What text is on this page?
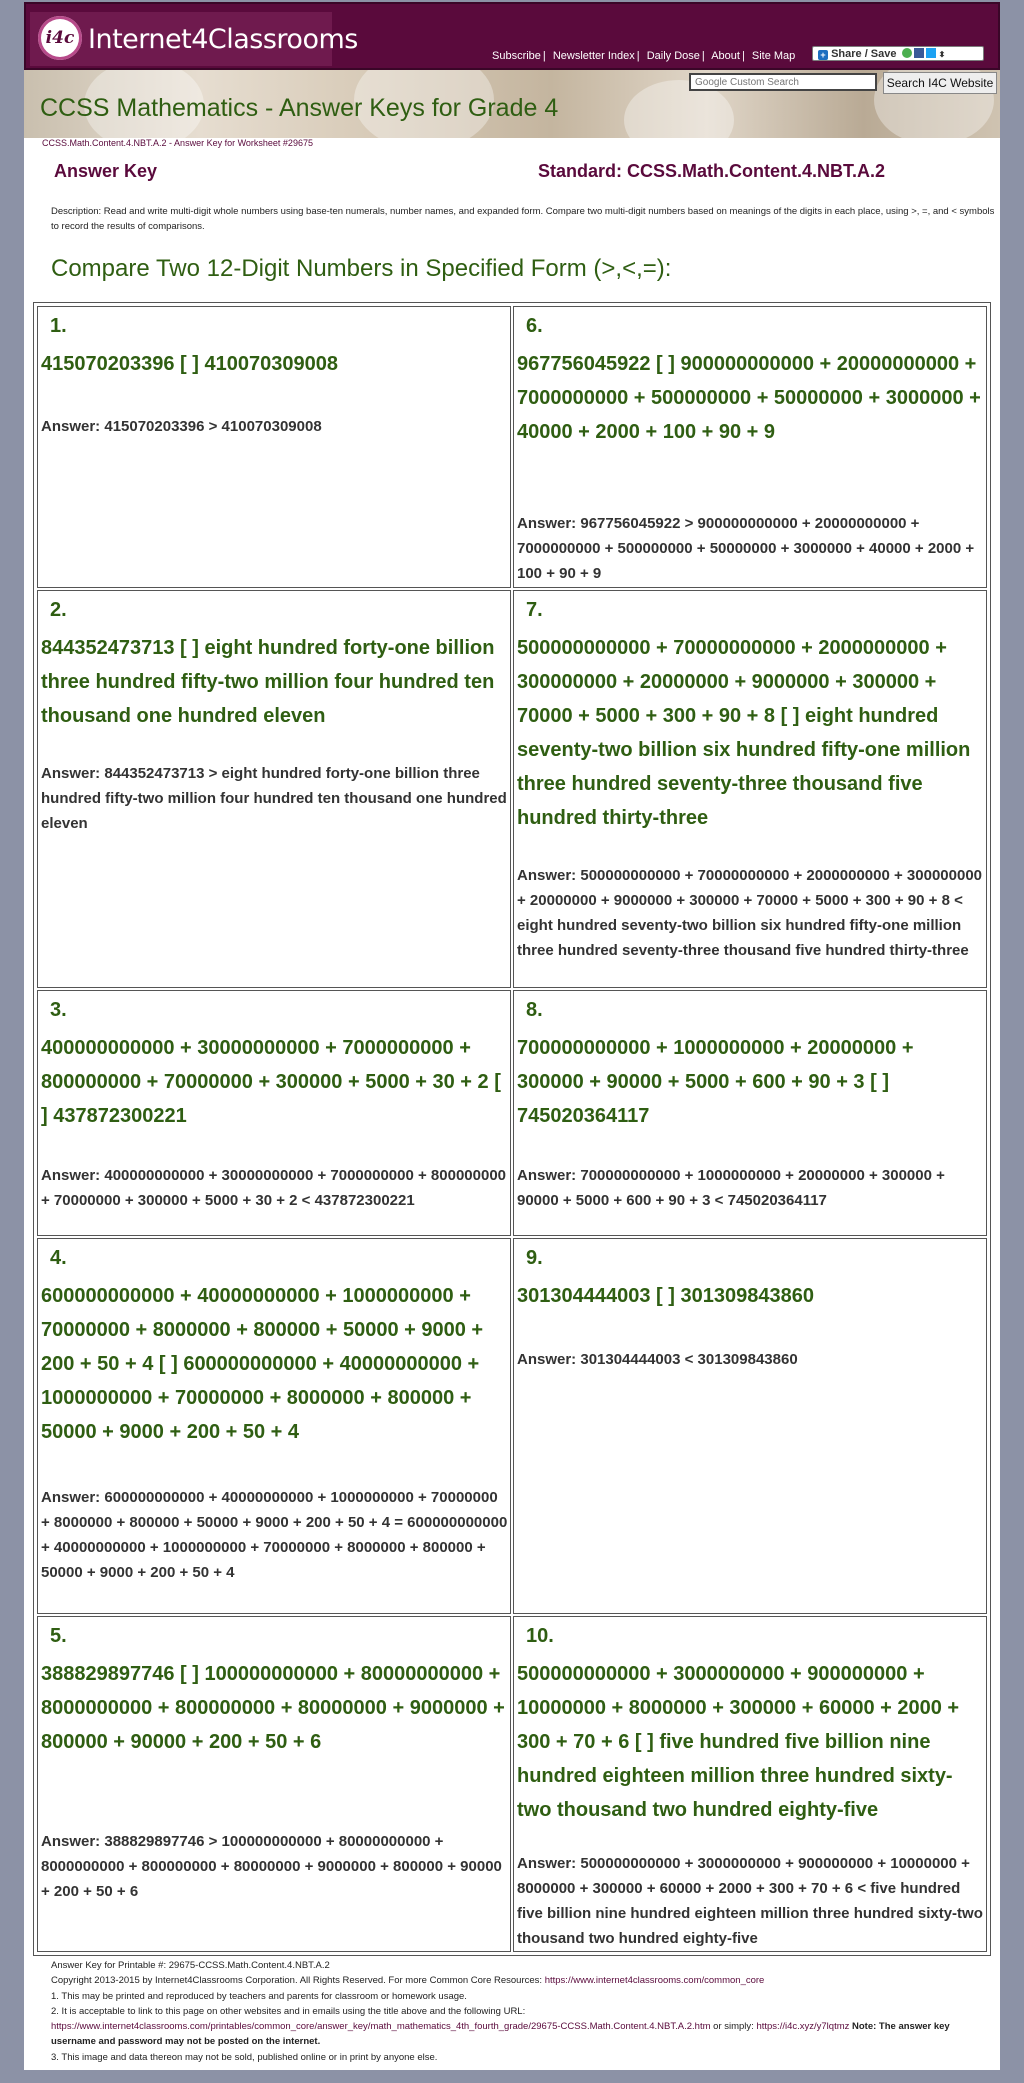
i4c Internet4Classrooms
Subscribe | Newsletter Index | Daily Dose | About | Site Map	+ Share / Save	⬍
CCSS Mathematics - Answer Keys for Grade 4
Google Custom Search
Search I4C Website
CCSS.Math.Content.4.NBT.A.2 - Answer Key for Worksheet #29675
Answer Key	Standard: CCSS.Math.Content.4.NBT.A.2
Description: Read and write multi-digit whole numbers using base-ten numerals, number names, and expanded form. Compare two multi-digit numbers based on meanings of the digits in each place, using >, =, and < symbols to record the results of comparisons.
Compare Two 12-Digit Numbers in Specified Form (>,<,=):
1.
415070203396 [ ] 410070309008
Answer: 415070203396 > 410070309008
6.
967756045922 [ ] 900000000000 + 20000000000 + 7000000000 + 500000000 + 50000000 + 3000000 + 40000 + 2000 + 100 + 90 + 9
Answer: 967756045922 > 900000000000 + 20000000000 + 7000000000 + 500000000 + 50000000 + 3000000 + 40000 + 2000 + 100 + 90 + 9
2.
844352473713 [ ] eight hundred forty-one billion three hundred fifty-two million four hundred ten thousand one hundred eleven
Answer: 844352473713 > eight hundred forty-one billion three hundred fifty-two million four hundred ten thousand one hundred eleven
7.
500000000000 + 70000000000 + 2000000000 + 300000000 + 20000000 + 9000000 + 300000 + 70000 + 5000 + 300 + 90 + 8 [ ] eight hundred seventy-two billion six hundred fifty-one million three hundred seventy-three thousand five hundred thirty-three
Answer: 500000000000 + 70000000000 + 2000000000 + 300000000 + 20000000 + 9000000 + 300000 + 70000 + 5000 + 300 + 90 + 8 < eight hundred seventy-two billion six hundred fifty-one million three hundred seventy-three thousand five hundred thirty-three
3.
400000000000 + 30000000000 + 7000000000 + 800000000 + 70000000 + 300000 + 5000 + 30 + 2 [ ] 437872300221
Answer: 400000000000 + 30000000000 + 7000000000 + 800000000 + 70000000 + 300000 + 5000 + 30 + 2 < 437872300221
8.
700000000000 + 1000000000 + 20000000 + 300000 + 90000 + 5000 + 600 + 90 + 3 [ ] 745020364117
Answer: 700000000000 + 1000000000 + 20000000 + 300000 + 90000 + 5000 + 600 + 90 + 3 < 745020364117
4.
600000000000 + 40000000000 + 1000000000 + 70000000 + 8000000 + 800000 + 50000 + 9000 + 200 + 50 + 4 [ ] 600000000000 + 40000000000 + 1000000000 + 70000000 + 8000000 + 800000 + 50000 + 9000 + 200 + 50 + 4
Answer: 600000000000 + 40000000000 + 1000000000 + 70000000 + 8000000 + 800000 + 50000 + 9000 + 200 + 50 + 4 = 600000000000 + 40000000000 + 1000000000 + 70000000 + 8000000 + 800000 + 50000 + 9000 + 200 + 50 + 4
9.
301304444003 [ ] 301309843860
Answer: 301304444003 < 301309843860
5.
388829897746 [ ] 100000000000 + 80000000000 + 8000000000 + 800000000 + 80000000 + 9000000 + 800000 + 90000 + 200 + 50 + 6
Answer: 388829897746 > 100000000000 + 80000000000 + 8000000000 + 800000000 + 80000000 + 9000000 + 800000 + 90000 + 200 + 50 + 6
10.
500000000000 + 3000000000 + 900000000 + 10000000 + 8000000 + 300000 + 60000 + 2000 + 300 + 70 + 6 [ ] five hundred five billion nine hundred eighteen million three hundred sixty-two thousand two hundred eighty-five
Answer: 500000000000 + 3000000000 + 900000000 + 10000000 + 8000000 + 300000 + 60000 + 2000 + 300 + 70 + 6 < five hundred five billion nine hundred eighteen million three hundred sixty-two thousand two hundred eighty-five
Answer Key for Printable #: 29675-CCSS.Math.Content.4.NBT.A.2
Copyright 2013-2015 by Internet4Classrooms Corporation. All Rights Reserved. For more Common Core Resources: https://www.internet4classrooms.com/common_core
1. This may be printed and reproduced by teachers and parents for classroom or homework usage.
2. It is acceptable to link to this page on other websites and in emails using the title above and the following URL: https://www.internet4classrooms.com/printables/common_core/answer_key/math_mathematics_4th_fourth_grade/29675-CCSS.Math.Content.4.NBT.A.2.htm or simply: https://i4c.xyz/y7lqtmz Note: The answer key username and password may not be posted on the internet.
3. This image and data thereon may not be sold, published online or in print by anyone else.
